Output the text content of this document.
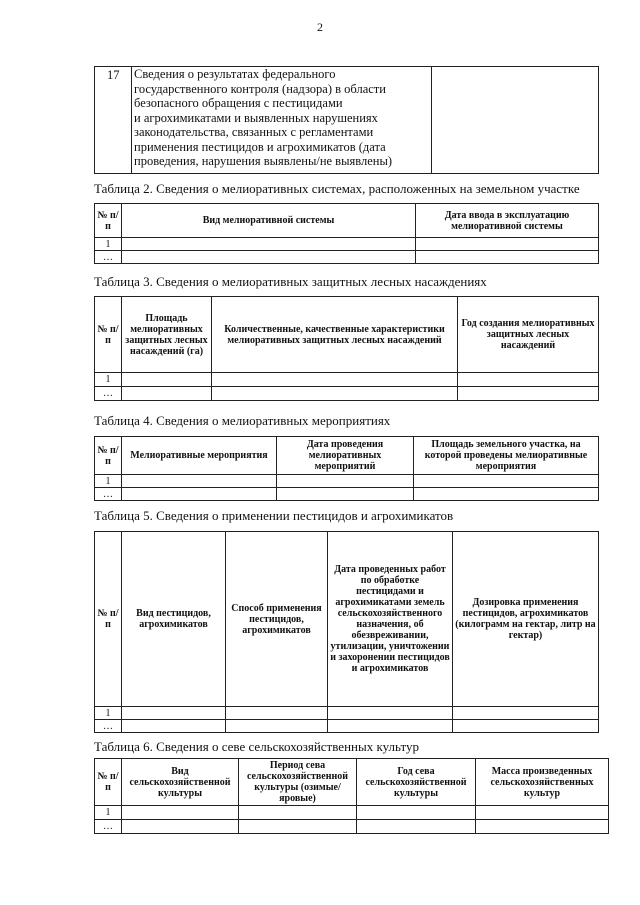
2
17	Сведения о результатах федерального
государственного контроля (надзора) в области
безопасного обращения с пестицидами
и агрохимикатами и выявленных нарушениях
законодательства, связанных с регламентами
применения пестицидов и агрохимикатов (дата
проведения, нарушения выявлены/не выявлены)

Таблица 2. Сведения о мелиоративных системах, расположенных на земельном участке
№ п/п	Вид мелиоративной системы	Дата ввода в эксплуатацию мелиоративной системы
1		
…		
Таблица 3. Сведения о мелиоративных защитных лесных насаждениях
№ п/п	Площадь мелиоративных защитных лесных насаждений (га)	Количественные, качественные характеристики мелиоративных защитных лесных насаждений	Год создания мелиоративных защитных лесных насаждений
1			
…			
Таблица 4. Сведения о мелиоративных мероприятиях
№ п/п	Мелиоративные мероприятия	Дата проведения мелиоративных мероприятий	Площадь земельного участка, на которой проведены мелиоративные мероприятия
1			
…			
Таблица 5. Сведения о применении пестицидов и агрохимикатов
№ п/п	Вид пестицидов, агрохимикатов	Способ применения пестицидов, агрохимикатов	Дата проведенных работ по обработке пестицидами и агрохимикатами земель сельскохозяйственного назначения, об обезвреживании, утилизации, уничтожении и захоронении пестицидов и агрохимикатов	Дозировка применения пестицидов, агрохимикатов (килограмм на гектар, литр на гектар)
1				
…				
Таблица 6. Сведения о севе сельскохозяйственных культур
№ п/п	Вид сельскохозяйственной культуры	Период сева сельскохозяйственной культуры (озимые/яровые)	Год сева сельскохозяйственной культуры	Масса произведенных сельскохозяйственных культур
1				
…				
